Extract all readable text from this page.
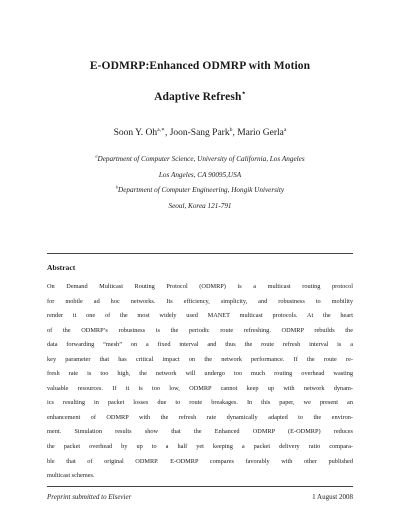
E-ODMRP:Enhanced ODMRP with Motion
Adaptive Refresh⋆
Soon Y. $Oh^{a,∗}$, Joon-Sang Park$^b$, Mario Gerla$^a$
$^a$Department of Computer Science, University of California, Los Angeles
Los Angeles, CA 90095,USA
$^b$Department of Computer Engineering, Hongik University
Seoul, Korea 121-791
Abstract
On Demand Multicast Routing Protocol (ODMRP) is a multicast routing protocol
for mobile ad hoc networks. Its efficiency, simplicity, and robustness to mobility
render it one of the most widely used MANET multicast protocols. At the heart
of the ODMRP’s robustness is the periodic route refreshing. ODMRP rebuilds the
data forwarding “mesh” on a fixed interval and thus the route refresh interval is a
key parameter that has critical impact on the network performance. If the route re-
fresh rate is too high, the network will undergo too much routing overhead wasting
valuable resources. If it is too low, ODMRP cannot keep up with network dynam-
ics resulting in packet losses due to route breakages. In this paper, we present an
enhancement of ODMRP with the refresh rate dynamically adapted to the environ-
ment. Simulation results show that the Enhanced ODMRP (E-ODMRP) reduces
the packet overhead by up to a half yet keeping a packet delivery ratio compara-
ble that of original ODMRP. E-ODMRP compares favorably with other published
multicast schemes.
Preprint submitted to Elsevier	1 August 2008
